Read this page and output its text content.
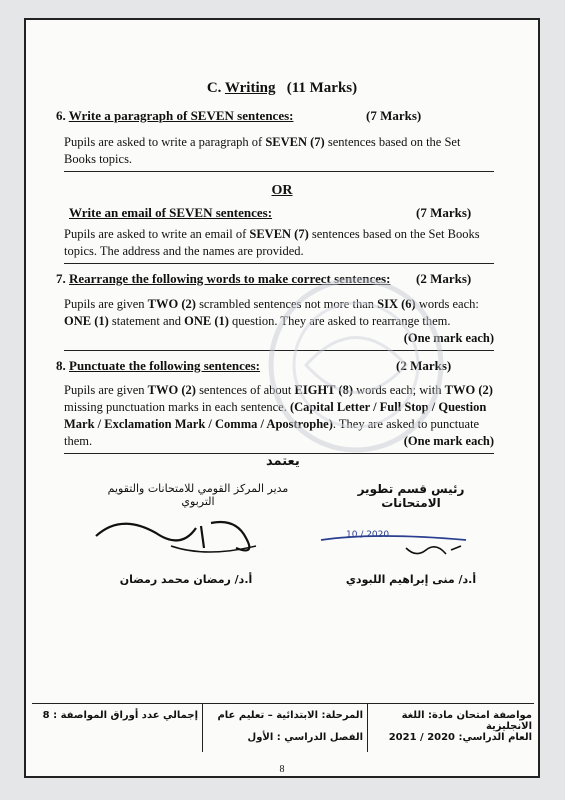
C. Writing (11 Marks)
6. Write a paragraph of SEVEN sentences:	(7 Marks)
Pupils are asked to write a paragraph of SEVEN (7) sentences based on the Set Books topics.
OR
Write an email of SEVEN sentences:	(7 Marks)
Pupils are asked to write an email of SEVEN (7) sentences based on the Set Books topics. The address and the names are provided.
7. Rearrange the following words to make correct sentences: (2 Marks)
Pupils are given TWO (2) scrambled sentences not more than SIX (6) words each: ONE (1) statement and ONE (1) question. They are asked to rearrange them.
(One mark each)
8. Punctuate the following sentences:	(2 Marks)
Pupils are given TWO (2) sentences of about EIGHT (8) words each; with TWO (2) missing punctuation marks in each sentence. (Capital Letter / Full Stop / Question Mark / Exclamation Mark / Comma / Apostrophe). They are asked to punctuate them.	(One mark each)
يعتمد
مدير المركز القومي للامتحانات والتقويم التربوي
رئيس قسم تطوير الامتحانات
10 / 2020
أ.د/ رمضان محمد رمضان	أ.د/ منى إبراهيم اللبودي
مواصفة امتحان مادة: اللغة الانجليزية
العام الدراسي: 2020 / 2021
المرحلة: الابتدائية – تعليم عام
الفصل الدراسي : الأول
إجمالي عدد أوراق المواصفة : 8
8
